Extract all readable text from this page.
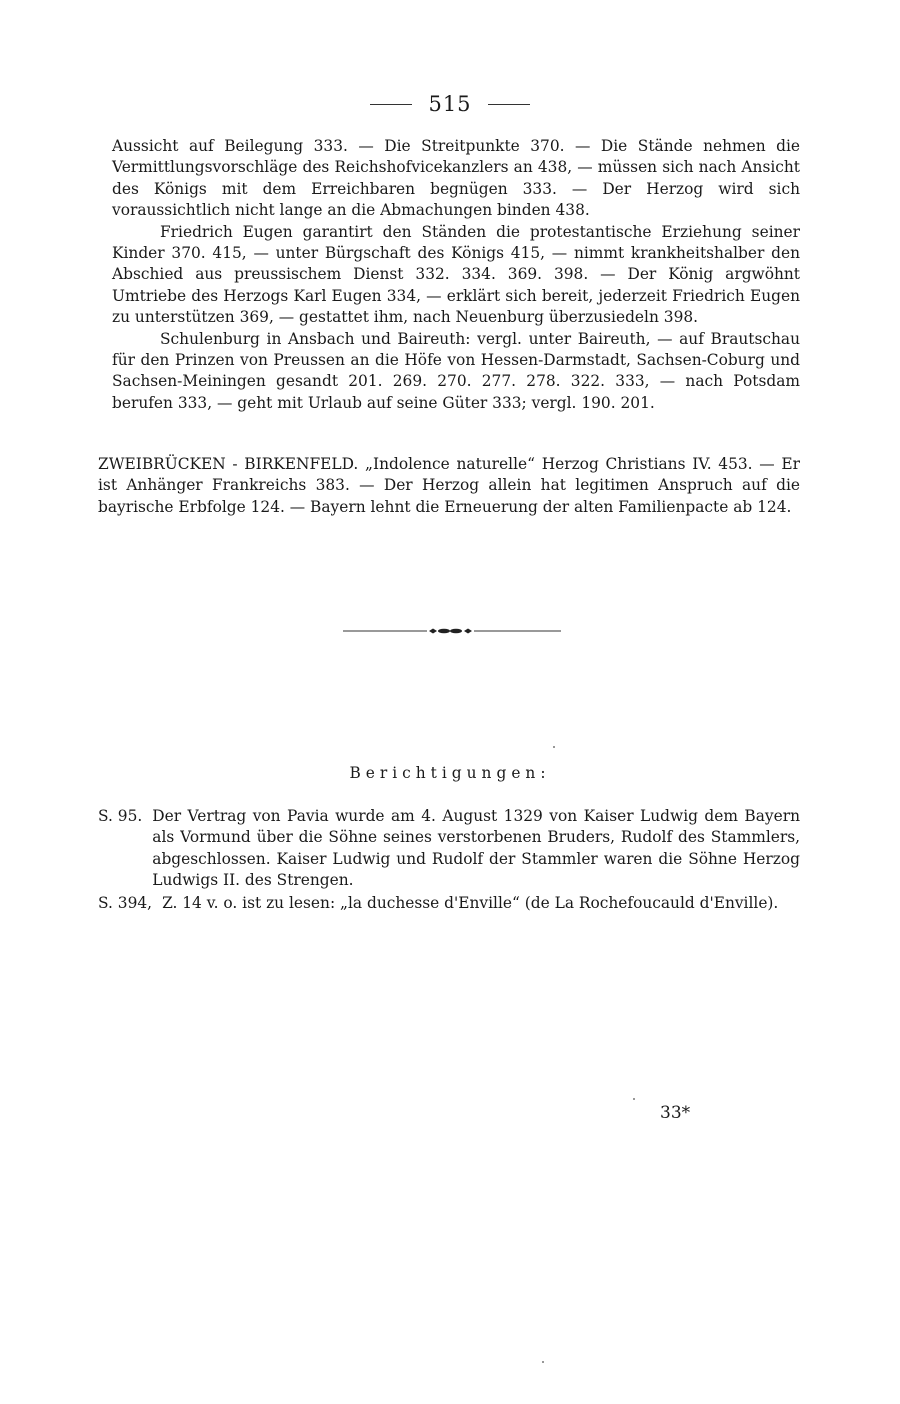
515

Aussicht auf Beilegung 333. — Die Streitpunkte 370. — Die Stände nehmen die Vermittlungsvorschläge des Reichshofvicekanzlers an 438, — müssen sich nach Ansicht des Königs mit dem Erreichbaren begnügen 333. — Der Herzog wird sich voraussichtlich nicht lange an die Abmachungen binden 438.

Friedrich Eugen garantirt den Ständen die protestantische Erziehung seiner Kinder 370. 415, — unter Bürgschaft des Königs 415, — nimmt krankheitshalber den Abschied aus preussischem Dienst 332. 334. 369. 398. — Der König argwöhnt Umtriebe des Herzogs Karl Eugen 334, — erklärt sich bereit, jederzeit Friedrich Eugen zu unterstützen 369, — gestattet ihm, nach Neuenburg überzusiedeln 398.

Schulenburg in Ansbach und Baireuth: vergl. unter Baireuth, — auf Brautschau für den Prinzen von Preussen an die Höfe von Hessen-Darmstadt, Sachsen-Coburg und Sachsen-Meiningen gesandt 201. 269. 270. 277. 278. 322. 333, — nach Potsdam berufen 333, — geht mit Urlaub auf seine Güter 333; vergl. 190. 201.

ZWEIBRÜCKEN - BIRKENFELD. „Indolence naturelle“ Herzog Christians IV. 453. — Er ist Anhänger Frankreichs 383. — Der Herzog allein hat legitimen Anspruch auf die bayrische Erbfolge 124. — Bayern lehnt die Erneuerung der alten Familienpacte ab 124.

Berichtigungen:
S. 95. Der Vertrag von Pavia wurde am 4. August 1329 von Kaiser Ludwig dem Bayern als Vormund über die Söhne seines verstorbenen Bruders, Rudolf des Stammlers, abgeschlossen. Kaiser Ludwig und Rudolf der Stammler waren die Söhne Herzog Ludwigs II. des Strengen.
S. 394, Z. 14 v. o. ist zu lesen: „la duchesse d'Enville“ (de La Rochefoucauld d'Enville).
33*
